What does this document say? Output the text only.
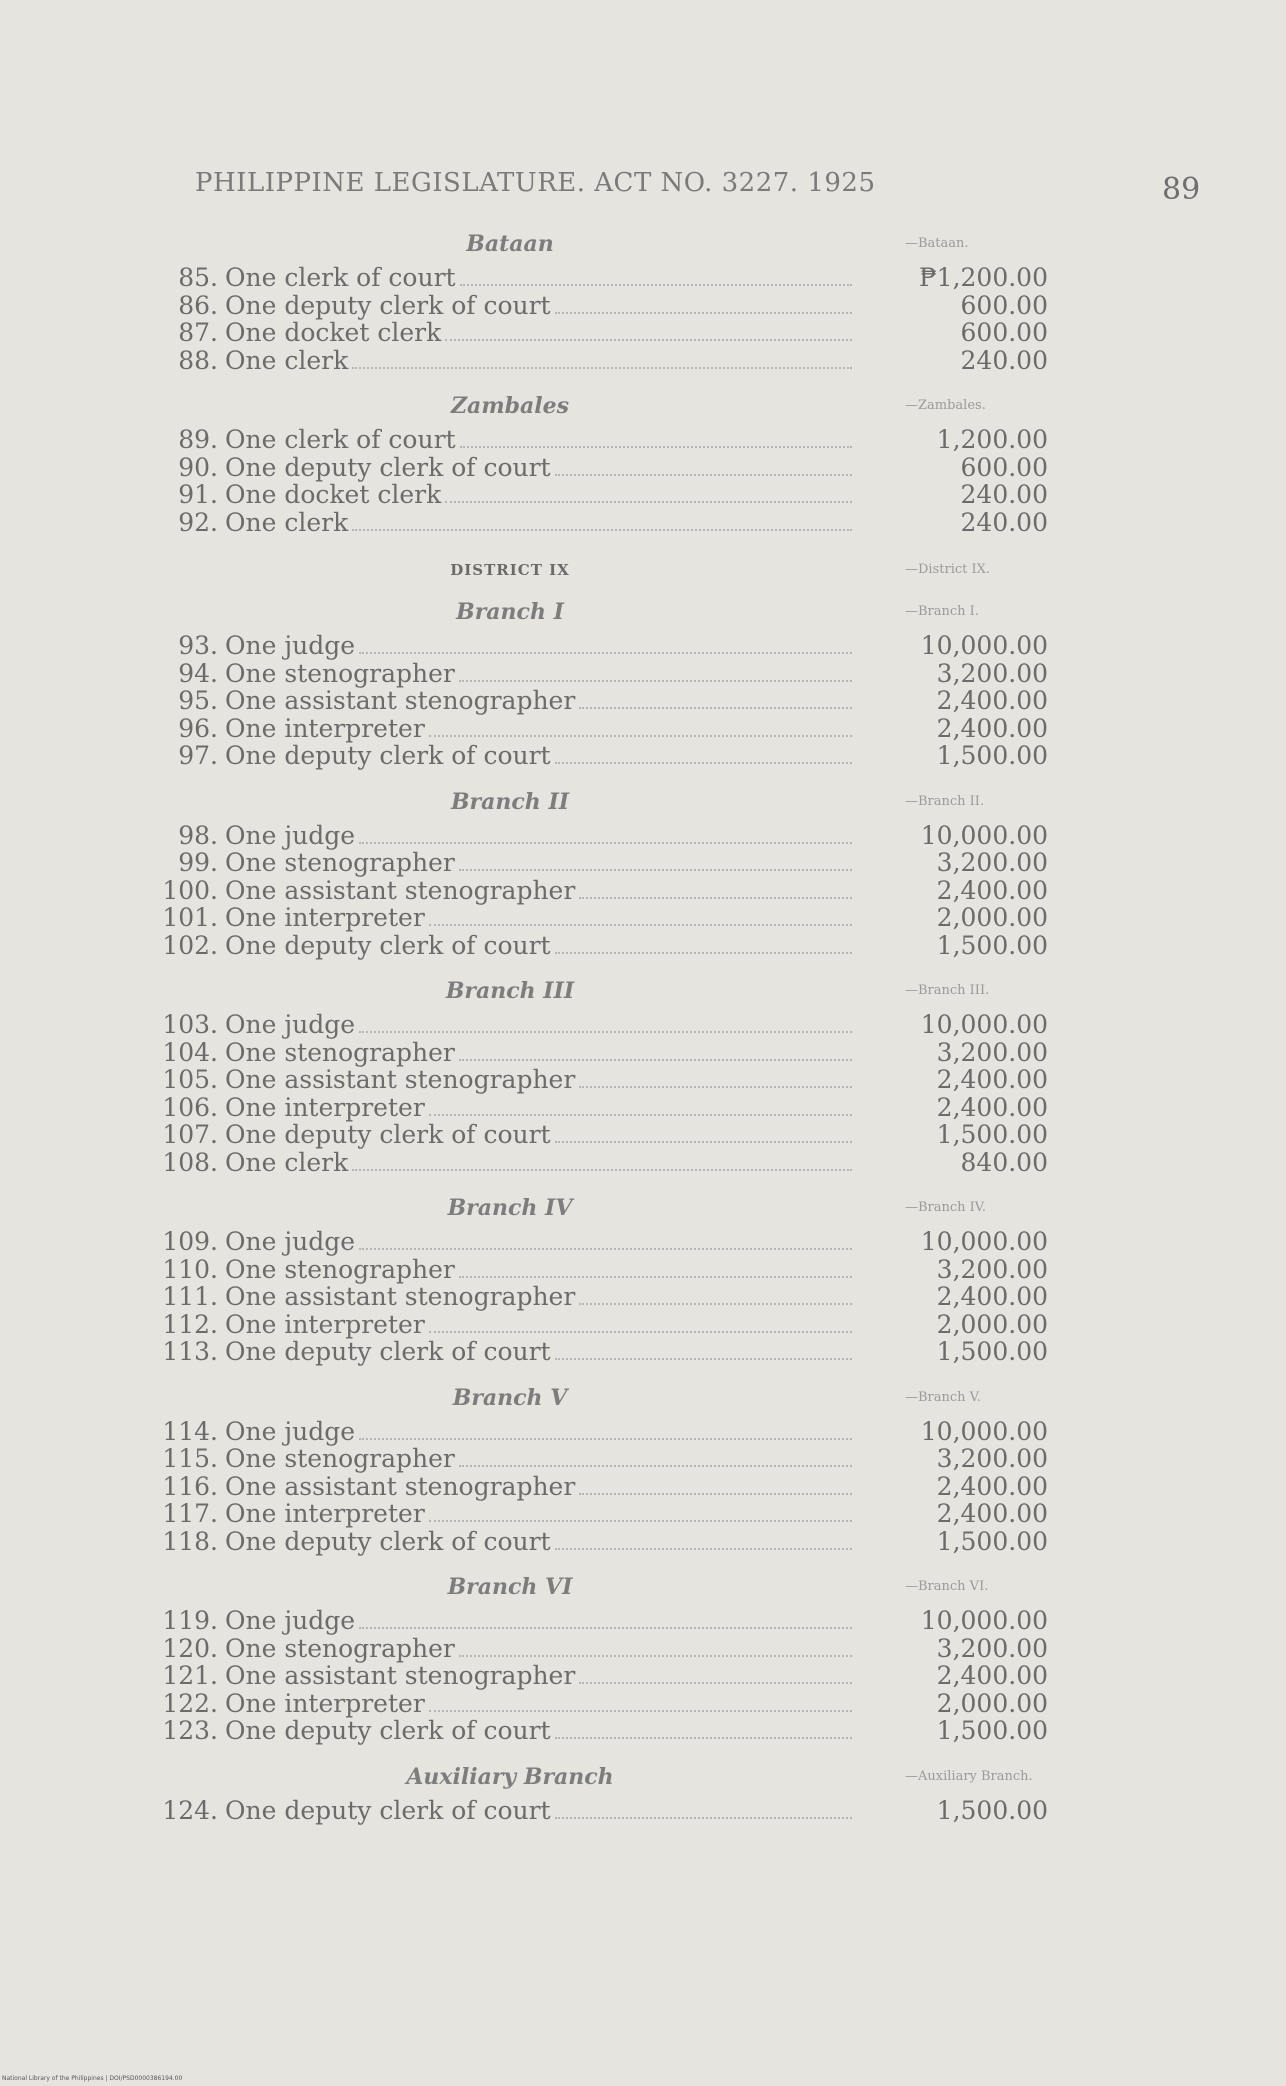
PHILIPPINE LEGISLATURE. ACT NO. 3227. 1925	89
Bataan	—Bataan.
85. One clerk of court	₱1,200.00
86. One deputy clerk of court	600.00
87. One docket clerk	600.00
88. One clerk	240.00
Zambales	—Zambales.
89. One clerk of court	1,200.00
90. One deputy clerk of court	600.00
91. One docket clerk	240.00
92. One clerk	240.00
DISTRICT IX	—District IX.
Branch I	—Branch I.
93. One judge	10,000.00
94. One stenographer	3,200.00
95. One assistant stenographer	2,400.00
96. One interpreter	2,400.00
97. One deputy clerk of court	1,500.00
Branch II	—Branch II.
98. One judge	10,000.00
99. One stenographer	3,200.00
100. One assistant stenographer	2,400.00
101. One interpreter	2,000.00
102. One deputy clerk of court	1,500.00
Branch III	—Branch III.
103. One judge	10,000.00
104. One stenographer	3,200.00
105. One assistant stenographer	2,400.00
106. One interpreter	2,400.00
107. One deputy clerk of court	1,500.00
108. One clerk	840.00
Branch IV	—Branch IV.
109. One judge	10,000.00
110. One stenographer	3,200.00
111. One assistant stenographer	2,400.00
112. One interpreter	2,000.00
113. One deputy clerk of court	1,500.00
Branch V	—Branch V.
114. One judge	10,000.00
115. One stenographer	3,200.00
116. One assistant stenographer	2,400.00
117. One interpreter	2,400.00
118. One deputy clerk of court	1,500.00
Branch VI	—Branch VI.
119. One judge	10,000.00
120. One stenographer	3,200.00
121. One assistant stenographer	2,400.00
122. One interpreter	2,000.00
123. One deputy clerk of court	1,500.00
Auxiliary Branch	—Auxiliary Branch.
124. One deputy clerk of court	1,500.00
National Library of the Philippines | DOI/PSD0000386194.00
